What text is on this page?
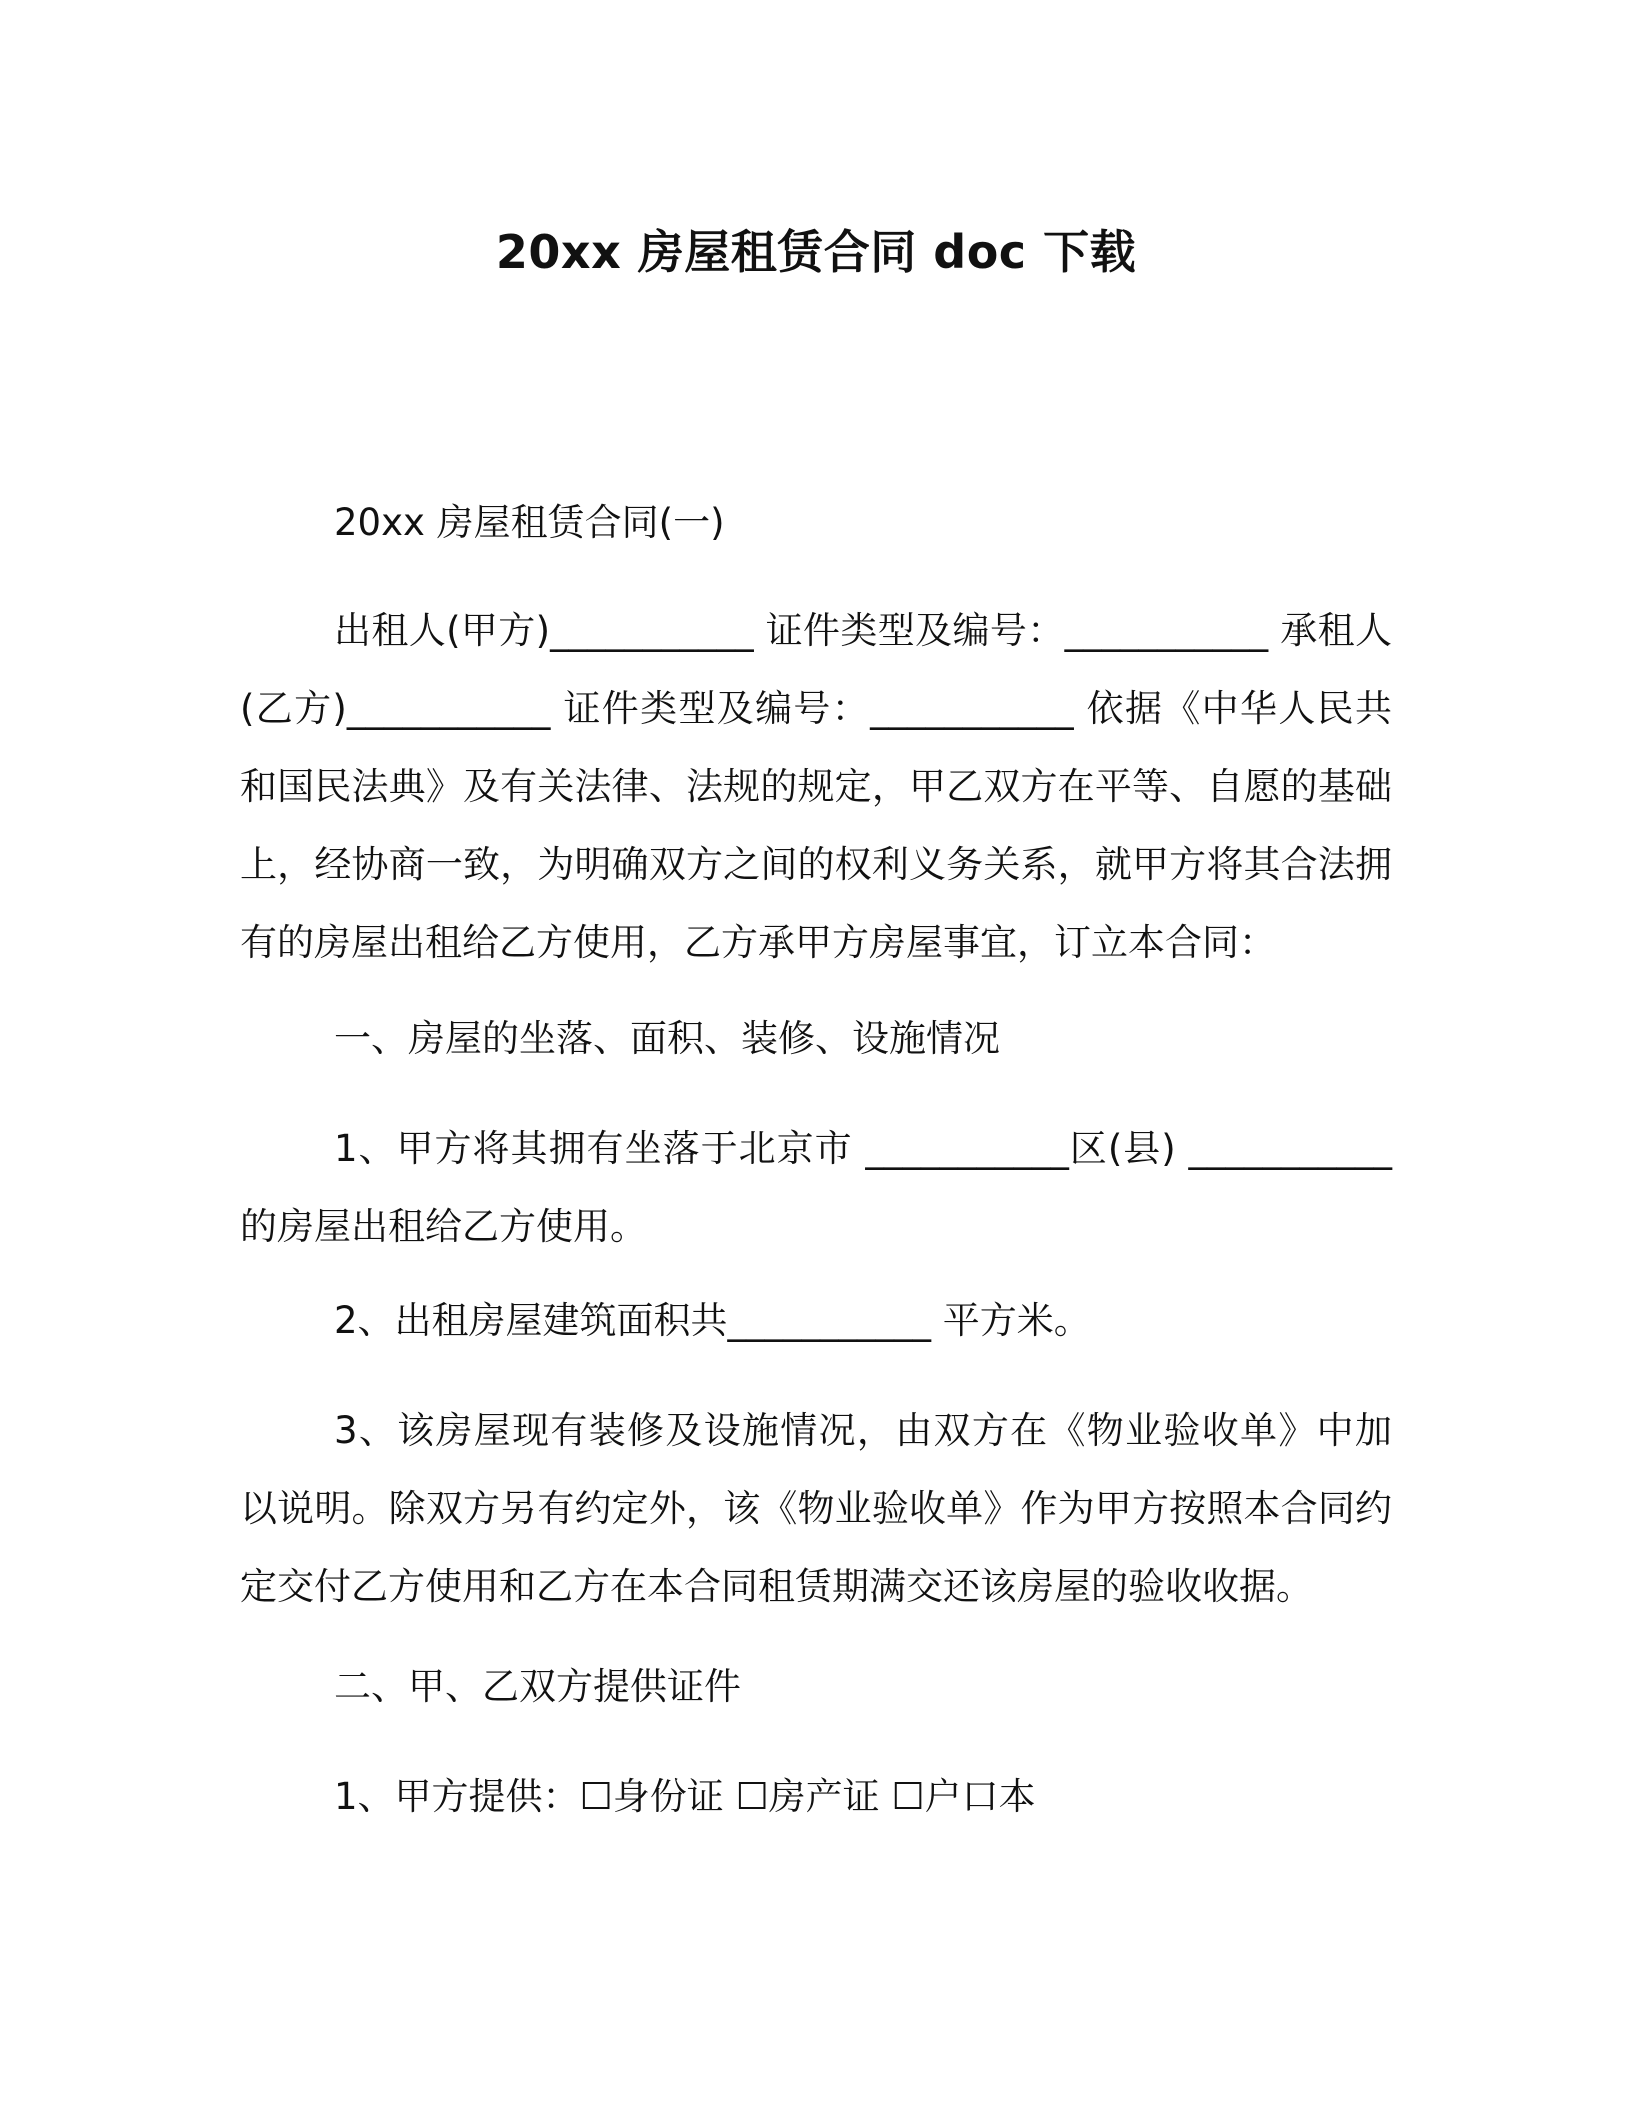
20xx 房屋租赁合同 doc 下载

20xx 房屋租赁合同(一)

出租人(甲方)___________ 证件类型及编号：___________ 承租人(乙方)___________ 证件类型及编号：___________ 依据《中华人民共和国民法典》及有关法律、法规的规定，甲乙双方在平等、自愿的基础上，经协商一致，为明确双方之间的权利义务关系，就甲方将其合法拥有的房屋出租给乙方使用，乙方承甲方房屋事宜，订立本合同：

一、房屋的坐落、面积、装修、设施情况

1、甲方将其拥有坐落于北京市 ___________区(县) ___________的房屋出租给乙方使用。

2、出租房屋建筑面积共___________ 平方米。

3、该房屋现有装修及设施情况，由双方在《物业验收单》中加以说明。除双方另有约定外，该《物业验收单》作为甲方按照本合同约定交付乙方使用和乙方在本合同租赁期满交还该房屋的验收收据。

二、甲、乙双方提供证件

1、甲方提供：☐身份证 ☐房产证 ☐户口本
